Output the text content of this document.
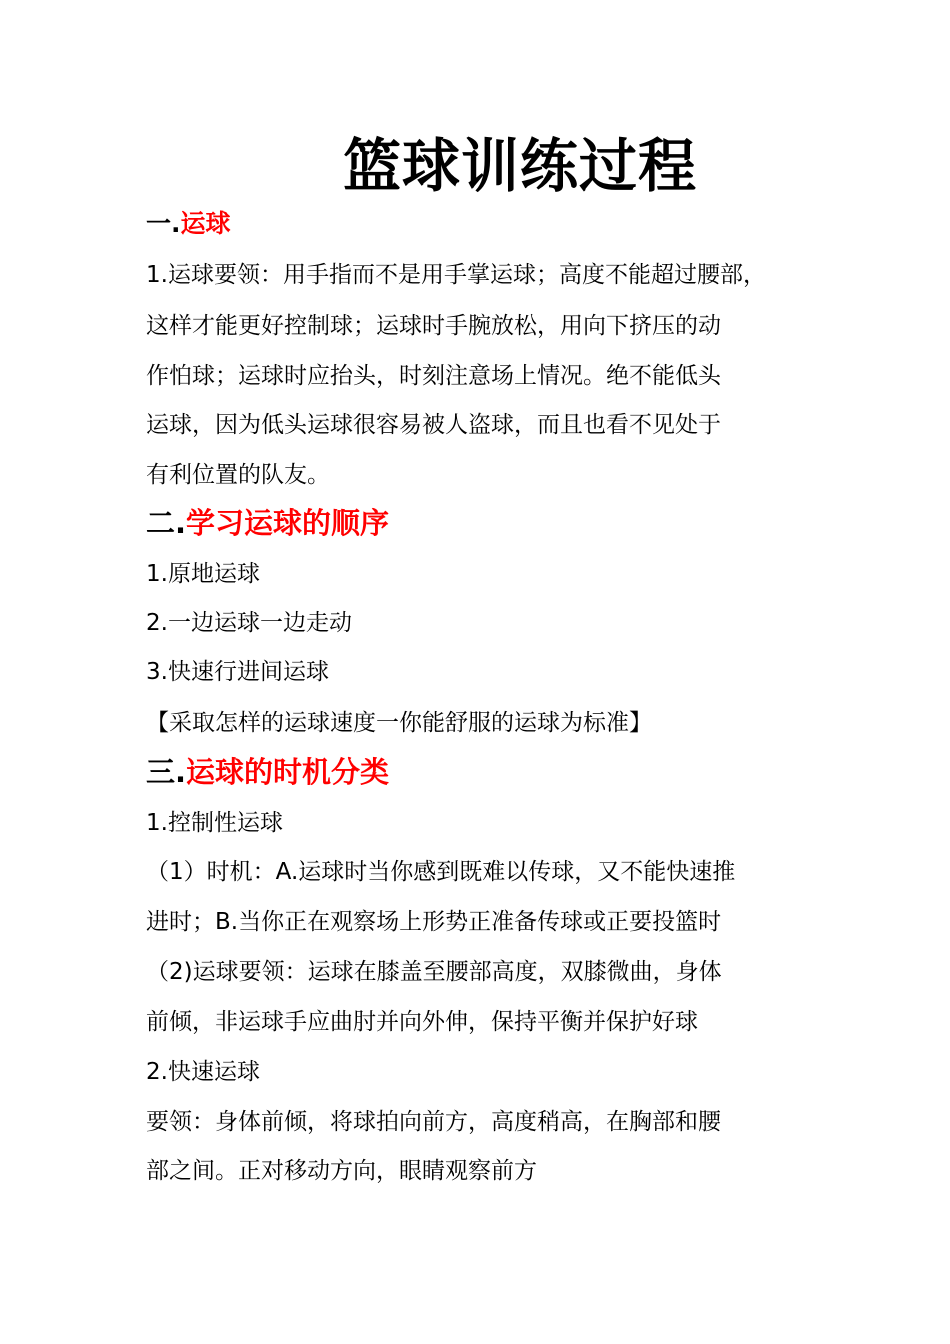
篮球训练过程
一.运球
1.运球要领：用手指而不是用手掌运球；高度不能超过腰部，
这样才能更好控制球；运球时手腕放松，用向下挤压的动
作怕球；运球时应抬头，时刻注意场上情况。绝不能低头
运球，因为低头运球很容易被人盗球，而且也看不见处于
有利位置的队友。
二.学习运球的顺序
1.原地运球
2.一边运球一边走动
3.快速行进间运球
【采取怎样的运球速度一你能舒服的运球为标准】
三.运球的时机分类
1.控制性运球
（1）时机：A.运球时当你感到既难以传球，又不能快速推
进时；B.当你正在观察场上形势正准备传球或正要投篮时
（2)运球要领：运球在膝盖至腰部高度，双膝微曲，身体
前倾，非运球手应曲肘并向外伸，保持平衡并保护好球
2.快速运球
要领：身体前倾，将球拍向前方，高度稍高，在胸部和腰
部之间。正对移动方向，眼睛观察前方
